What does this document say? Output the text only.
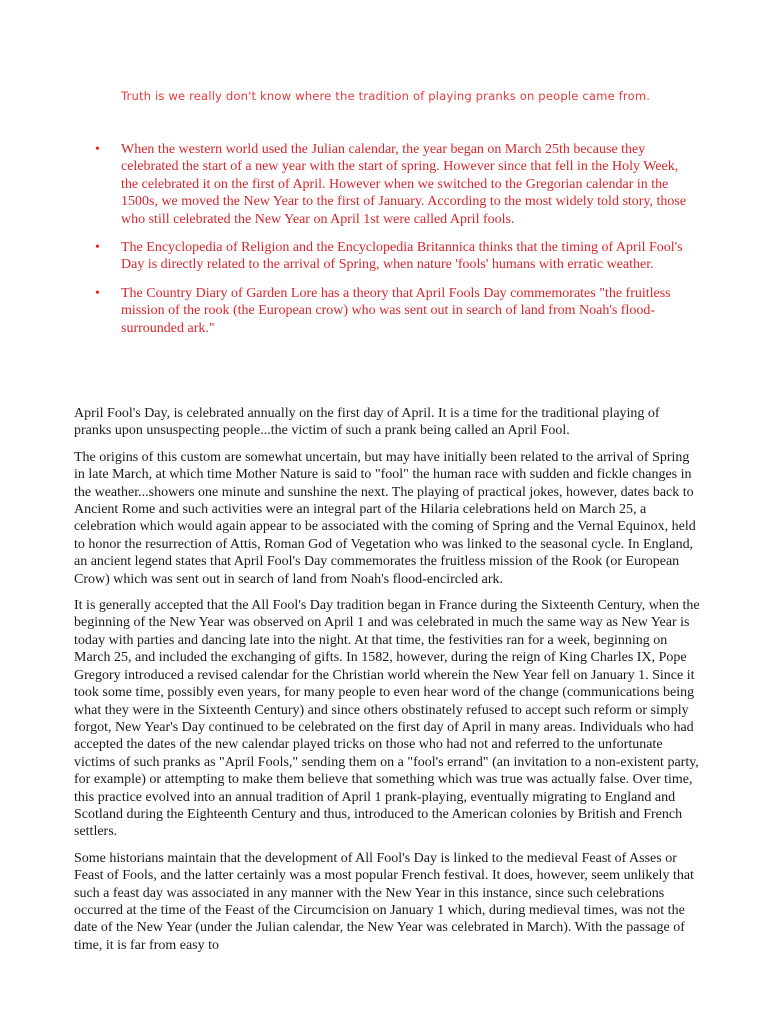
Truth is we really don't know where the tradition of playing pranks on people came from.

• When the western world used the Julian calendar, the year began on March 25th because they celebrated the start of a new year with the start of spring. However since that fell in the Holy Week, the celebrated it on the first of April. However when we switched to the Gregorian calendar in the 1500s, we moved the New Year to the first of January. According to the most widely told story, those who still celebrated the New Year on April 1st were called April fools.
• The Encyclopedia of Religion and the Encyclopedia Britannica thinks that the timing of April Fool's Day is directly related to the arrival of Spring, when nature 'fools' humans with erratic weather.
• The Country Diary of Garden Lore has a theory that April Fools Day commemorates "the fruitless mission of the rook (the European crow) who was sent out in search of land from Noah's flood-surrounded ark."

April Fool's Day, is celebrated annually on the first day of April. It is a time for the traditional playing of pranks upon unsuspecting people...the victim of such a prank being called an April Fool.

The origins of this custom are somewhat uncertain, but may have initially been related to the arrival of Spring in late March, at which time Mother Nature is said to "fool" the human race with sudden and fickle changes in the weather...showers one minute and sunshine the next. The playing of practical jokes, however, dates back to Ancient Rome and such activities were an integral part of the Hilaria celebrations held on March 25, a celebration which would again appear to be associated with the coming of Spring and the Vernal Equinox, held to honor the resurrection of Attis, Roman God of Vegetation who was linked to the seasonal cycle. In England, an ancient legend states that April Fool's Day commemorates the fruitless mission of the Rook (or European Crow) which was sent out in search of land from Noah's flood-encircled ark.

It is generally accepted that the All Fool's Day tradition began in France during the Sixteenth Century, when the beginning of the New Year was observed on April 1 and was celebrated in much the same way as New Year is today with parties and dancing late into the night. At that time, the festivities ran for a week, beginning on March 25, and included the exchanging of gifts. In 1582, however, during the reign of King Charles IX, Pope Gregory introduced a revised calendar for the Christian world wherein the New Year fell on January 1. Since it took some time, possibly even years, for many people to even hear word of the change (communications being what they were in the Sixteenth Century) and since others obstinately refused to accept such reform or simply forgot, New Year's Day continued to be celebrated on the first day of April in many areas. Individuals who had accepted the dates of the new calendar played tricks on those who had not and referred to the unfortunate victims of such pranks as "April Fools," sending them on a "fool's errand" (an invitation to a non-existent party, for example) or attempting to make them believe that something which was true was actually false. Over time, this practice evolved into an annual tradition of April 1 prank-playing, eventually migrating to England and Scotland during the Eighteenth Century and thus, introduced to the American colonies by British and French settlers.

Some historians maintain that the development of All Fool's Day is linked to the medieval Feast of Asses or Feast of Fools, and the latter certainly was a most popular French festival. It does, however, seem unlikely that such a feast day was associated in any manner with the New Year in this instance, since such celebrations occurred at the time of the Feast of the Circumcision on January 1 which, during medieval times, was not the date of the New Year (under the Julian calendar, the New Year was celebrated in March). With the passage of time, it is far from easy to
